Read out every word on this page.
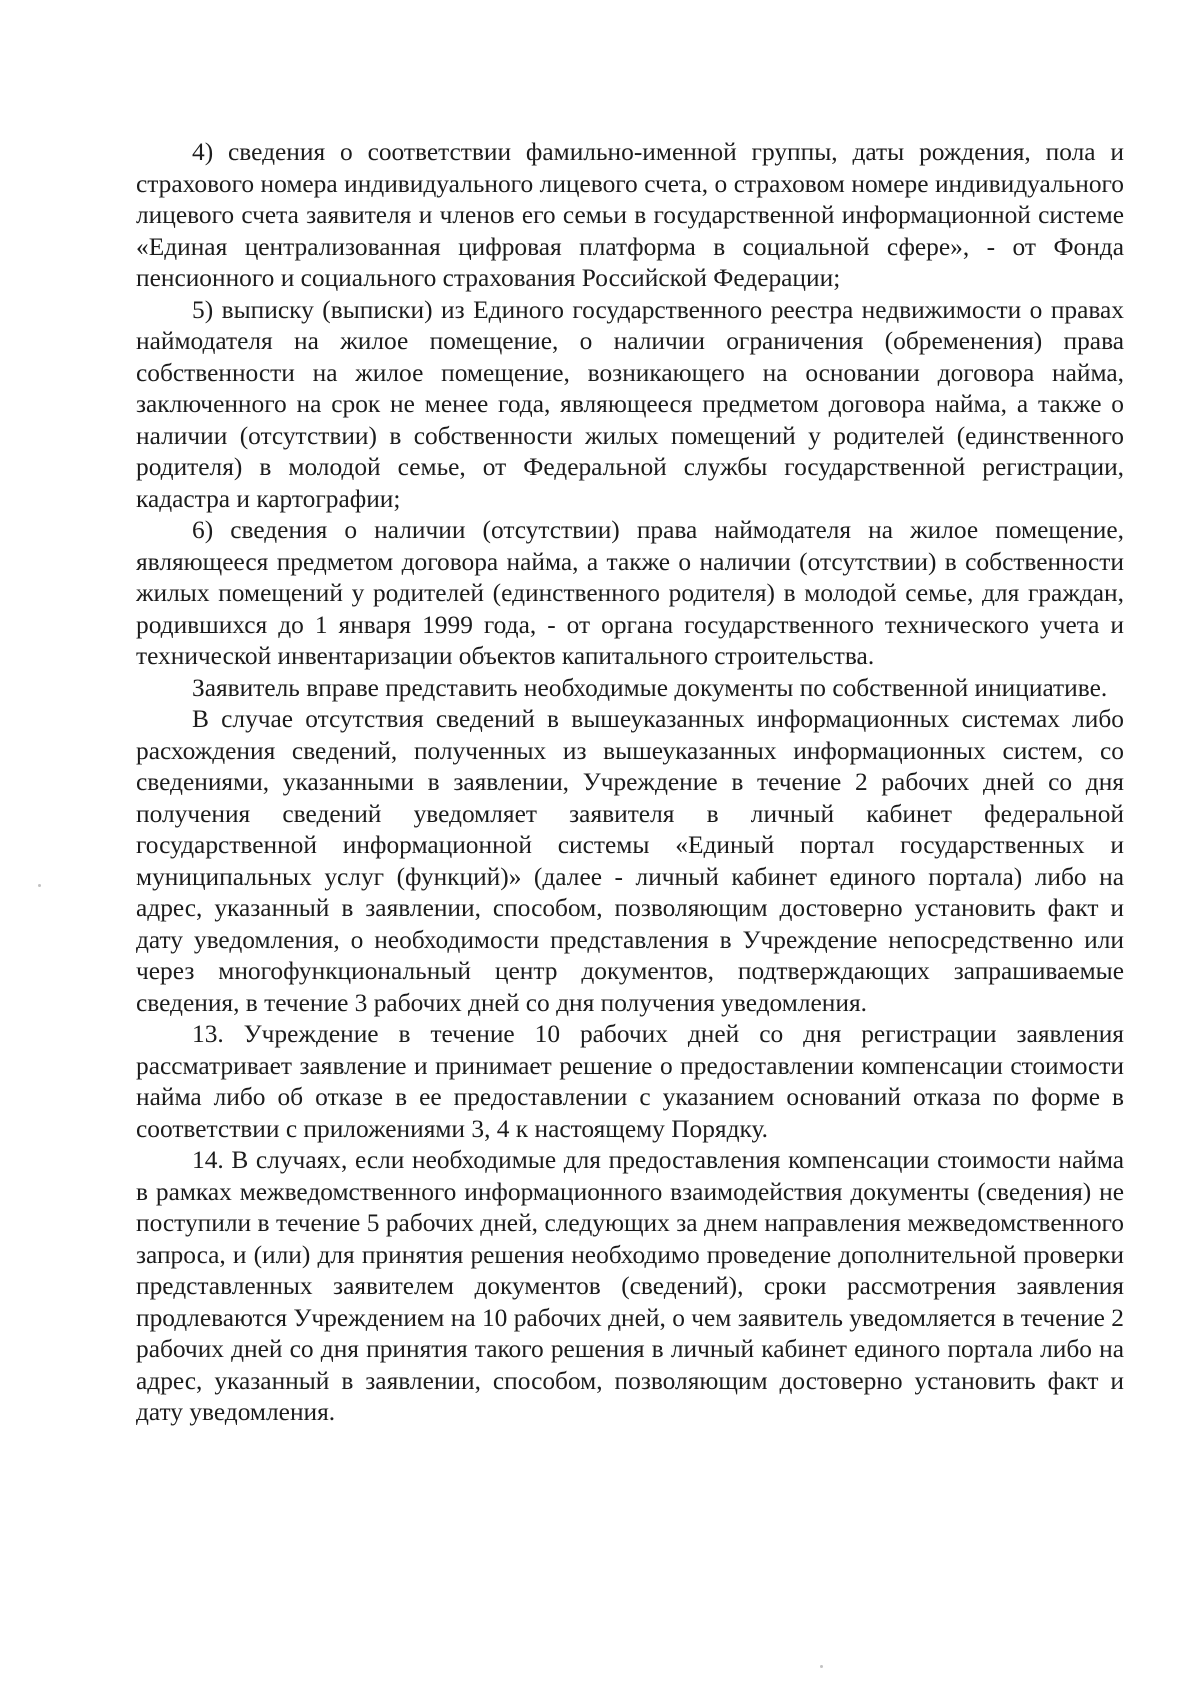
4) сведения о соответствии фамильно-именной группы, даты рождения, пола и страхового номера индивидуального лицевого счета, о страховом номере индивидуального лицевого счета заявителя и членов его семьи в государственной информационной системе «Единая централизованная цифровая платформа в социальной сфере», - от Фонда пенсионного и социального страхования Российской Федерации;

5) выписку (выписки) из Единого государственного реестра недвижимости о правах наймодателя на жилое помещение, о наличии ограничения (обременения) права собственности на жилое помещение, возникающего на основании договора найма, заключенного на срок не менее года, являющееся предметом договора найма, а также о наличии (отсутствии) в собственности жилых помещений у родителей (единственного родителя) в молодой семье, от Федеральной службы государственной регистрации, кадастра и картографии;

6) сведения о наличии (отсутствии) права наймодателя на жилое помещение, являющееся предметом договора найма, а также о наличии (отсутствии) в собственности жилых помещений у родителей (единственного родителя) в молодой семье, для граждан, родившихся до 1 января 1999 года, - от органа государственного технического учета и технической инвентаризации объектов капитального строительства.

Заявитель вправе представить необходимые документы по собственной инициативе.

В случае отсутствия сведений в вышеуказанных информационных системах либо расхождения сведений, полученных из вышеуказанных информационных систем, со сведениями, указанными в заявлении, Учреждение в течение 2 рабочих дней со дня получения сведений уведомляет заявителя в личный кабинет федеральной государственной информационной системы «Единый портал государственных и муниципальных услуг (функций)» (далее - личный кабинет единого портала) либо на адрес, указанный в заявлении, способом, позволяющим достоверно установить факт и дату уведомления, о необходимости представления в Учреждение непосредственно или через многофункциональный центр документов, подтверждающих запрашиваемые сведения, в течение 3 рабочих дней со дня получения уведомления.

13. Учреждение в течение 10 рабочих дней со дня регистрации заявления рассматривает заявление и принимает решение о предоставлении компенсации стоимости найма либо об отказе в ее предоставлении с указанием оснований отказа по форме в соответствии с приложениями 3, 4 к настоящему Порядку.

14. В случаях, если необходимые для предоставления компенсации стоимости найма в рамках межведомственного информационного взаимодействия документы (сведения) не поступили в течение 5 рабочих дней, следующих за днем направления межведомственного запроса, и (или) для принятия решения необходимо проведение дополнительной проверки представленных заявителем документов (сведений), сроки рассмотрения заявления продлеваются Учреждением на 10 рабочих дней, о чем заявитель уведомляется в течение 2 рабочих дней со дня принятия такого решения в личный кабинет единого портала либо на адрес, указанный в заявлении, способом, позволяющим достоверно установить факт и дату уведомления.
